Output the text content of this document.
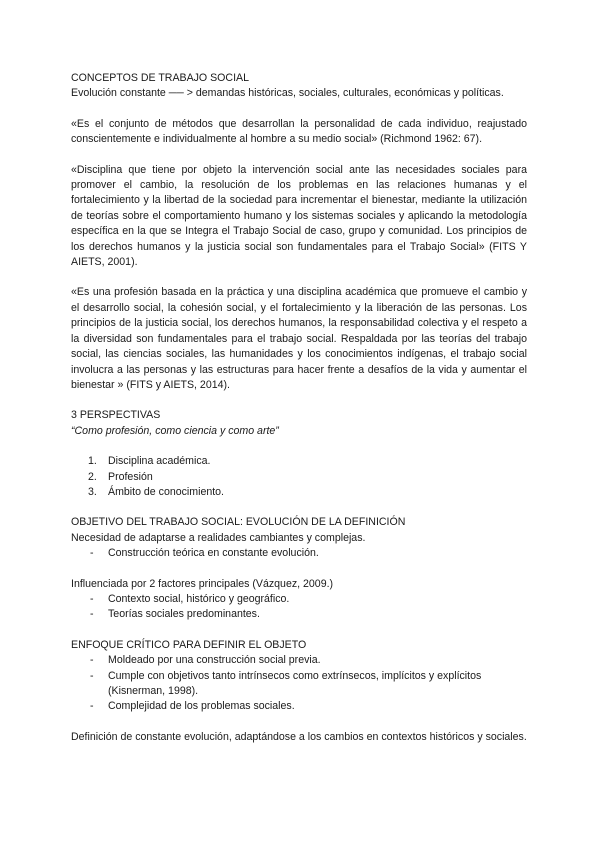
CONCEPTOS DE TRABAJO SOCIAL

Evolución constante ── > demandas históricas, sociales, culturales, económicas y políticas.

«Es el conjunto de métodos que desarrollan la personalidad de cada individuo, reajustado conscientemente e individualmente al hombre a su medio social» (Richmond 1962: 67).

«Disciplina que tiene por objeto la intervención social ante las necesidades sociales para promover el cambio, la resolución de los problemas en las relaciones humanas y el fortalecimiento y la libertad de la sociedad para incrementar el bienestar, mediante la utilización de teorías sobre el comportamiento humano y los sistemas sociales y aplicando la metodología específica en la que se Integra el Trabajo Social de caso, grupo y comunidad. Los principios de los derechos humanos y la justicia social son fundamentales para el Trabajo Social» (FITS Y AIETS, 2001).

«Es una profesión basada en la práctica y una disciplina académica que promueve el cambio y el desarrollo social, la cohesión social, y el fortalecimiento y la liberación de las personas. Los principios de la justicia social, los derechos humanos, la responsabilidad colectiva y el respeto a la diversidad son fundamentales para el trabajo social. Respaldada por las teorías del trabajo social, las ciencias sociales, las humanidades y los conocimientos indígenas, el trabajo social involucra a las personas y las estructuras para hacer frente a desafíos de la vida y aumentar el bienestar » (FITS y AIETS, 2014).

3 PERSPECTIVAS

“Como profesión, como ciencia y como arte”

1. Disciplina académica.
2. Profesión
3. Ámbito de conocimiento.

OBJETIVO DEL TRABAJO SOCIAL: EVOLUCIÓN DE LA DEFINICIÓN

Necesidad de adaptarse a realidades cambiantes y complejas.

- Construcción teórica en constante evolución.

Influenciada por 2 factores principales (Vázquez, 2009.)

- Contexto social, histórico y geográfico.
- Teorías sociales predominantes.

ENFOQUE CRÍTICO PARA DEFINIR EL OBJETO

- Moldeado por una construcción social previa.
- Cumple con objetivos tanto intrínsecos como extrínsecos, implícitos y explícitos (Kisnerman, 1998).
- Complejidad de los problemas sociales.

Definición de constante evolución, adaptándose a los cambios en contextos históricos y sociales.
